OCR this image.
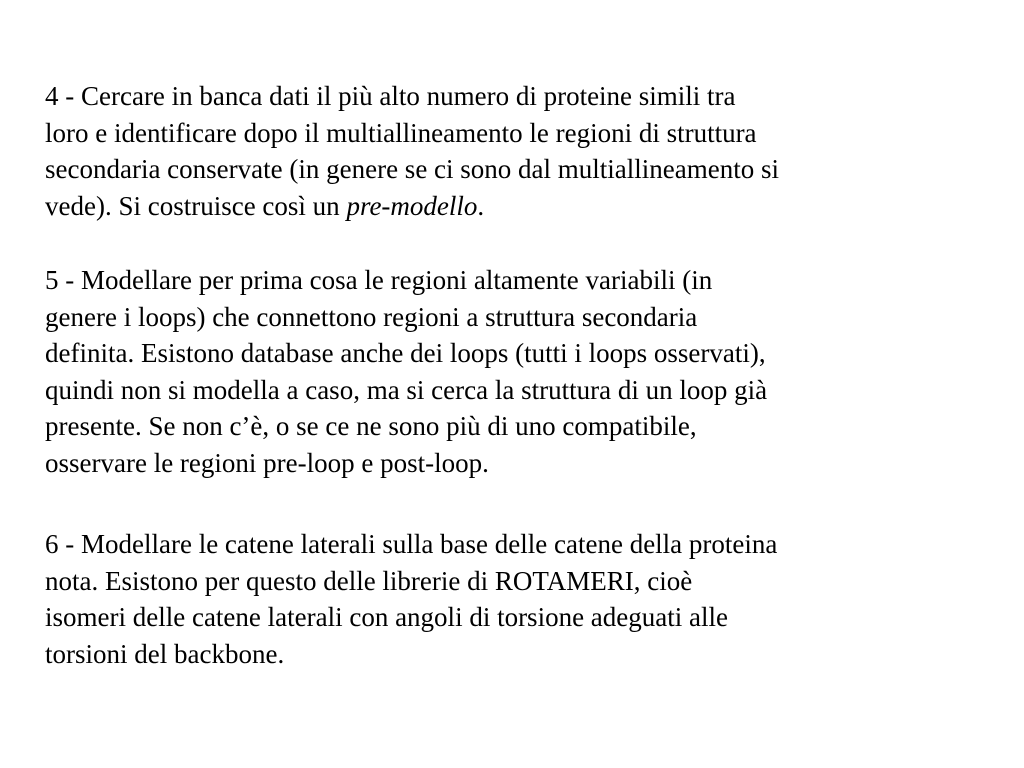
4 - Cercare in banca dati il più alto numero di proteine simili tra
loro e identificare dopo il multiallineamento le regioni di struttura
secondaria conservate (in genere se ci sono dal multiallineamento si
vede). Si costruisce così un pre-modello.

5 - Modellare per prima cosa le regioni altamente variabili (in
genere i loops) che connettono regioni a struttura secondaria
definita. Esistono database anche dei loops (tutti i loops osservati),
quindi non si modella a caso, ma si cerca la struttura di un loop già
presente. Se non c’è, o se ce ne sono più di uno compatibile,
osservare le regioni pre-loop e post-loop.

6 - Modellare le catene laterali sulla base delle catene della proteina
nota. Esistono per questo delle librerie di ROTAMERI, cioè
isomeri delle catene laterali con angoli di torsione adeguati alle
torsioni del backbone.
